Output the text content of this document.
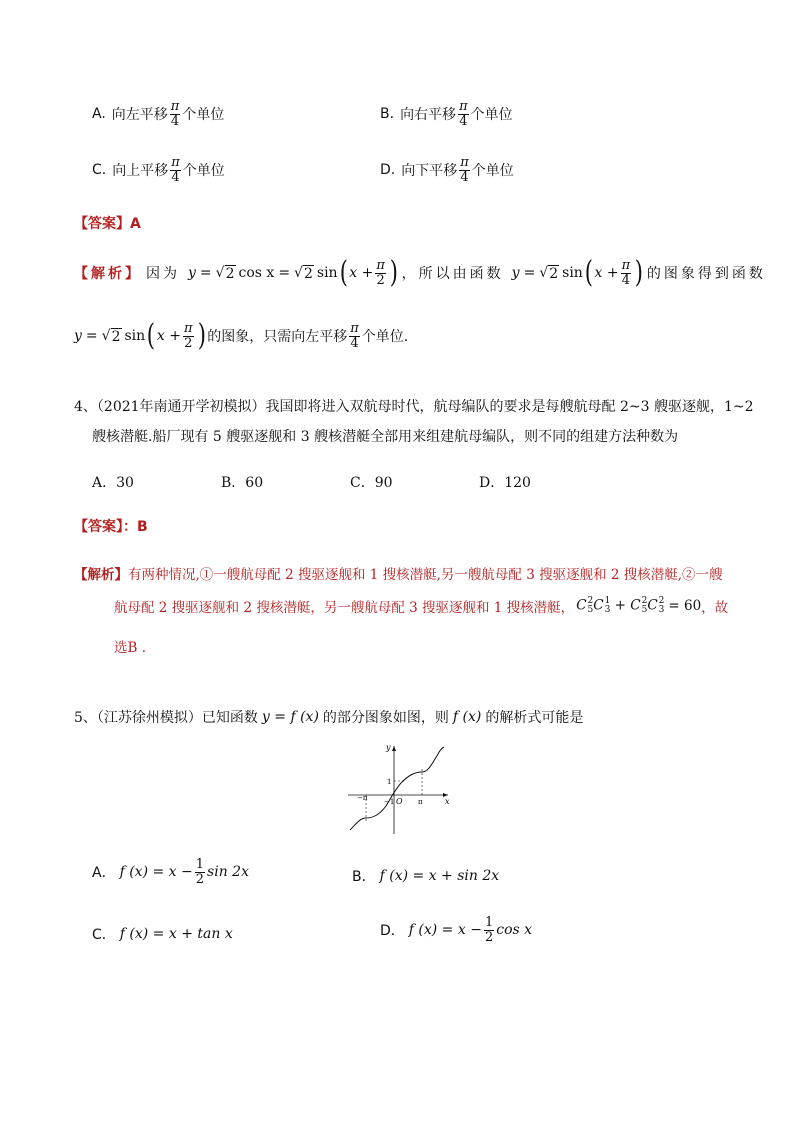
A. 向左平移 $\frac{\pi}{4}$ 个单位	B. 向右平移 $\frac{\pi}{4}$ 个单位
C. 向上平移 $\frac{\pi}{4}$ 个单位	D. 向下平移 $\frac{\pi}{4}$ 个单位
【答案】A
【解析】 因为 y = √ 2 cos x = √ 2 sin ( $x + \frac{\pi}{2}$ ) ，所以由函数 y = √ 2 sin ( $x + \frac{\pi}{4}$ ) 的图象得到函数
y = √ 2 sin ( $x + \frac{\pi}{2}$ ) 的图象，只需向左平移 $\frac{\pi}{4}$ 个单位.
4、（2021年南通开学初模拟）我国即将进入双航母时代，航母编队的要求是每艘航母配 2~3 艘驱逐舰，1~2
艘核潜艇.船厂现有 5 艘驱逐舰和 3 艘核潜艇全部用来组建航母编队，则不同的组建方法种数为
A．30	B．60	C．90	D．120
【答案】：B
【解析】有两种情况,①一艘航母配 2 搜驱逐舰和 1 搜核潜艇,另一艘航母配 3 搜驱逐舰和 2 搜核潜艇,②一艘
航母配 2 搜驱逐舰和 2 搜核潜艇，另一艘航母配 3 搜驱逐舰和 1 搜核潜艇， C 2
5 C 1
3 + C 2
5 C 2
3 = 60 ，故
选B .
5、（江苏徐州模拟）已知函数 y = f (x) 的部分图象如图，则 f (x) 的解析式可能是
y
x
O
−π	π
1
−1
A． f $(x) = x - \frac{1}{2}$ sin 2x	B． f (x) = x + sin 2x
C． f (x) = x + tan x	D． f $(x) = x - \frac{1}{2}$ cos x
